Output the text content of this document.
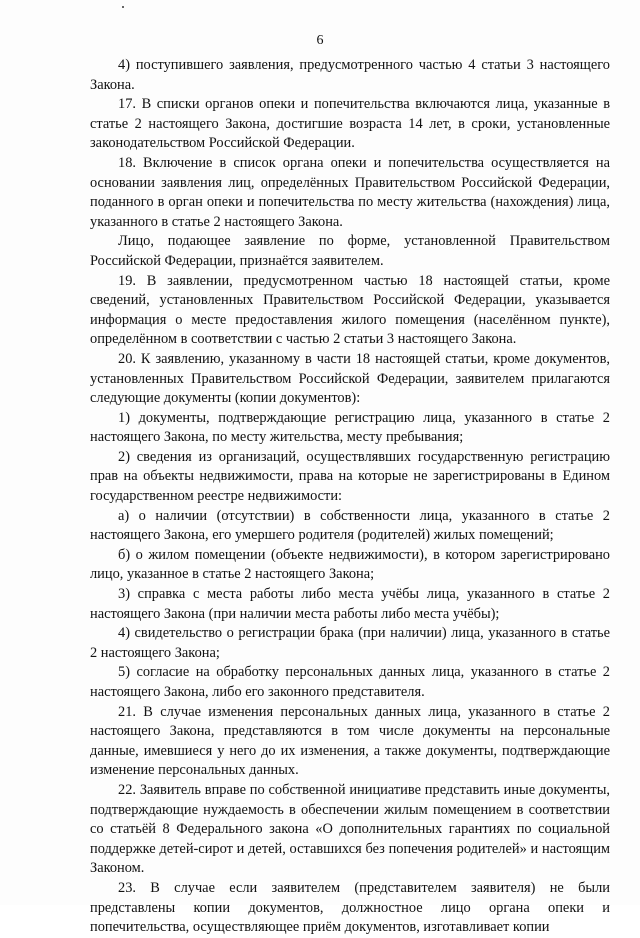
6

4) поступившего заявления, предусмотренного частью 4 статьи 3 настоящего Закона.

17. В списки органов опеки и попечительства включаются лица, указанные в статье 2 настоящего Закона, достигшие возраста 14 лет, в сроки, установленные законодательством Российской Федерации.

18. Включение в список органа опеки и попечительства осуществляется на основании заявления лиц, определённых Правительством Российской Федерации, поданного в орган опеки и попечительства по месту жительства (нахождения) лица, указанного в статье 2 настоящего Закона.

Лицо, подающее заявление по форме, установленной Правительством Российской Федерации, признаётся заявителем.

19. В заявлении, предусмотренном частью 18 настоящей статьи, кроме сведений, установленных Правительством Российской Федерации, указывается информация о месте предоставления жилого помещения (населённом пункте), определённом в соответствии с частью 2 статьи 3 настоящего Закона.

20. К заявлению, указанному в части 18 настоящей статьи, кроме документов, установленных Правительством Российской Федерации, заявителем прилагаются следующие документы (копии документов):

1) документы, подтверждающие регистрацию лица, указанного в статье 2 настоящего Закона, по месту жительства, месту пребывания;

2) сведения из организаций, осуществлявших государственную регистрацию прав на объекты недвижимости, права на которые не зарегистрированы в Едином государственном реестре недвижимости:

а) о наличии (отсутствии) в собственности лица, указанного в статье 2 настоящего Закона, его умершего родителя (родителей) жилых помещений;

б) о жилом помещении (объекте недвижимости), в котором зарегистрировано лицо, указанное в статье 2 настоящего Закона;

3) справка с места работы либо места учёбы лица, указанного в статье 2 настоящего Закона (при наличии места работы либо места учёбы);

4) свидетельство о регистрации брака (при наличии) лица, указанного в статье 2 настоящего Закона;

5) согласие на обработку персональных данных лица, указанного в статье 2 настоящего Закона, либо его законного представителя.

21. В случае изменения персональных данных лица, указанного в статье 2 настоящего Закона, представляются в том числе документы на персональные данные, имевшиеся у него до их изменения, а также документы, подтверждающие изменение персональных данных.

22. Заявитель вправе по собственной инициативе представить иные документы, подтверждающие нуждаемость в обеспечении жилым помещением в соответствии со статьёй 8 Федерального закона «О дополнительных гарантиях по социальной поддержке детей-сирот и детей, оставшихся без попечения родителей» и настоящим Законом.

23. В случае если заявителем (представителем заявителя) не были представлены копии документов, должностное лицо органа опеки и попечительства, осуществляющее приём документов, изготавливает копии
